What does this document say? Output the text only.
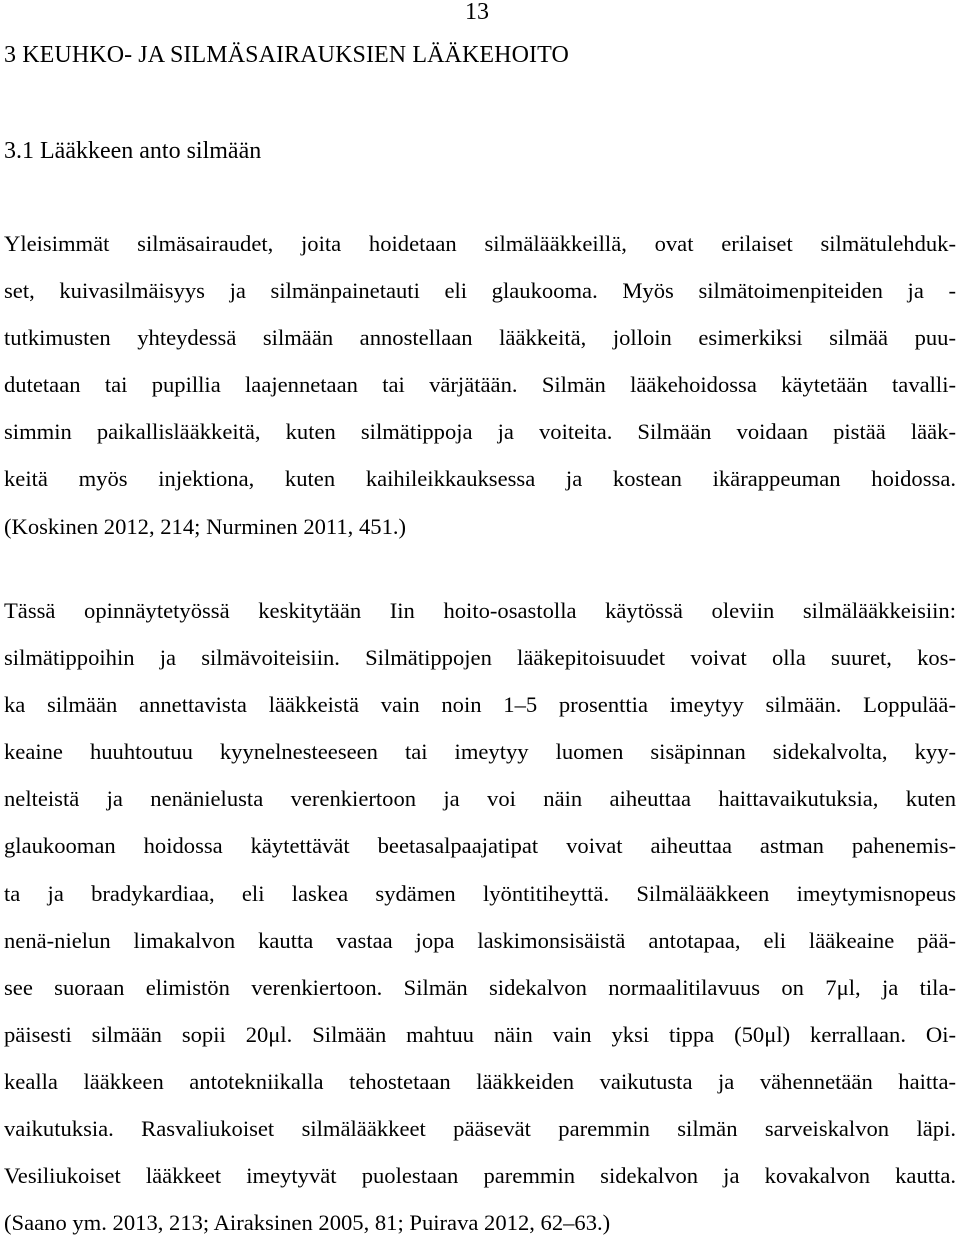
13
3 KEUHKO- JA SILMÄSAIRAUKSIEN LÄÄKEHOITO
3.1 Lääkkeen anto silmään

Yleisimmät silmäsairaudet, joita hoidetaan silmälääkkeillä, ovat erilaiset silmätulehduk-
set, kuivasilmäisyys ja silmänpainetauti eli glaukooma. Myös silmätoimenpiteiden ja -
tutkimusten yhteydessä silmään annostellaan lääkkeitä, jolloin esimerkiksi silmää puu-
dutetaan tai pupillia laajennetaan tai värjätään. Silmän lääkehoidossa käytetään tavalli-
simmin paikallislääkkeitä, kuten silmätippoja ja voiteita. Silmään voidaan pistää lääk-
keitä myös injektiona, kuten kaihileikkauksessa ja kostean ikärappeuman hoidossa.
(Koskinen 2012, 214; Nurminen 2011, 451.)

Tässä opinnäytetyössä keskitytään Iin hoito-osastolla käytössä oleviin silmälääkkeisiin:
silmätippoihin ja silmävoiteisiin. Silmätippojen lääkepitoisuudet voivat olla suuret, kos-
ka silmään annettavista lääkkeistä vain noin 1–5 prosenttia imeytyy silmään. Loppulää-
keaine huuhtoutuu kyynelnesteeseen tai imeytyy luomen sisäpinnan sidekalvolta, kyy-
nelteistä ja nenänielusta verenkiertoon ja voi näin aiheuttaa haittavaikutuksia, kuten
glaukooman hoidossa käytettävät beetasalpaajatipat voivat aiheuttaa astman pahenemis-
ta ja bradykardiaa, eli laskea sydämen lyöntitiheyttä. Silmälääkkeen imeytymisnopeus
nenä-nielun limakalvon kautta vastaa jopa laskimonsisäistä antotapaa, eli lääkeaine pää-
see suoraan elimistön verenkiertoon. Silmän sidekalvon normaalitilavuus on 7μl, ja tila-
päisesti silmään sopii 20μl. Silmään mahtuu näin vain yksi tippa (50μl) kerrallaan. Oi-
kealla lääkkeen antotekniikalla tehostetaan lääkkeiden vaikutusta ja vähennetään haitta-
vaikutuksia. Rasvaliukoiset silmälääkkeet pääsevät paremmin silmän sarveiskalvon läpi.
Vesiliukoiset lääkkeet imeytyvät puolestaan paremmin sidekalvon ja kovakalvon kautta.
(Saano ym. 2013, 213; Airaksinen 2005, 81; Puirava 2012, 62–63.)
